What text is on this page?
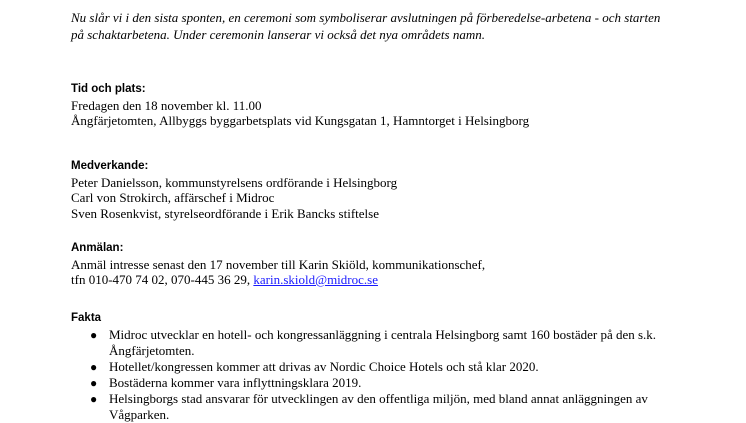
Nu slår vi i den sista sponten, en ceremoni som symboliserar avslutningen på förberedelse-arbetena - och starten på schaktarbetena. Under ceremonin lanserar vi också det nya områdets namn.
Tid och plats:
Fredagen den 18 november kl. 11.00
Ångfärjetomten, Allbyggs byggarbetsplats vid Kungsgatan 1, Hamntorget i Helsingborg
Medverkande:
Peter Danielsson, kommunstyrelsens ordförande i Helsingborg
Carl von Strokirch, affärschef i Midroc
Sven Rosenkvist, styrelseordförande i Erik Bancks stiftelse
Anmälan:
Anmäl intresse senast den 17 november till Karin Skiöld, kommunikationschef,
tfn 010-470 74 02, 070-445 36 29, karin.skiold@midroc.se
Fakta
● Midroc utvecklar en hotell- och kongressanläggning i centrala Helsingborg samt 160 bostäder på den s.k. Ångfärjetomten.
● Hotellet/kongressen kommer att drivas av Nordic Choice Hotels och stå klar 2020.
● Bostäderna kommer vara inflyttningsklara 2019.
● Helsingborgs stad ansvarar för utvecklingen av den offentliga miljön, med bland annat anläggningen av Vågparken.
